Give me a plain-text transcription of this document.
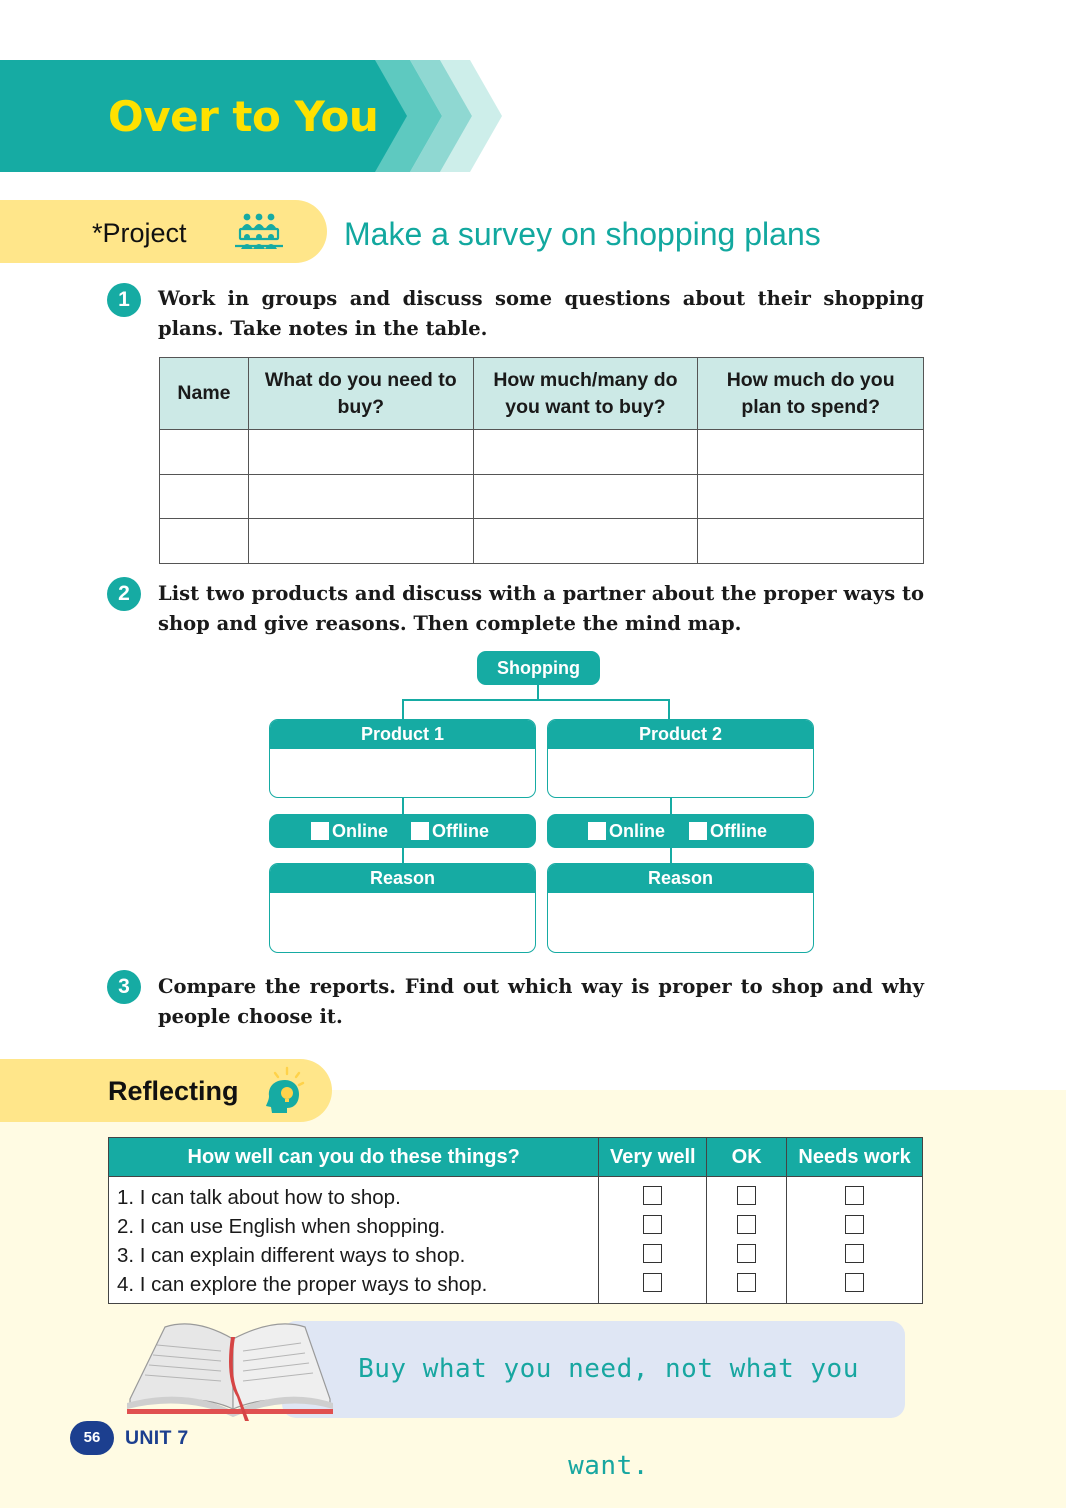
Over to You
*Project	Make a survey on shopping plans
1	Work in groups and discuss some questions about their shopping plans. Take notes in the table.
Name	What do you need to buy?	How much/many do you want to buy?	How much do you plan to spend?

2	List two products and discuss with a partner about the proper ways to shop and give reasons. Then complete the mind map.
Shopping
Product 1
Online	Offline
Reason
Product 2
Online	Offline
Reason
3	Compare the reports. Find out which way is proper to shop and why people choose it.
Reflecting
How well can you do these things?	Very well	OK	Needs work

1. I can talk about how to shop.
2. I can use English when shopping.
3. I can explain different ways to shop.
4. I can explore the proper ways to shop.			

Buy what you need, not what you want.
56	UNIT 7
